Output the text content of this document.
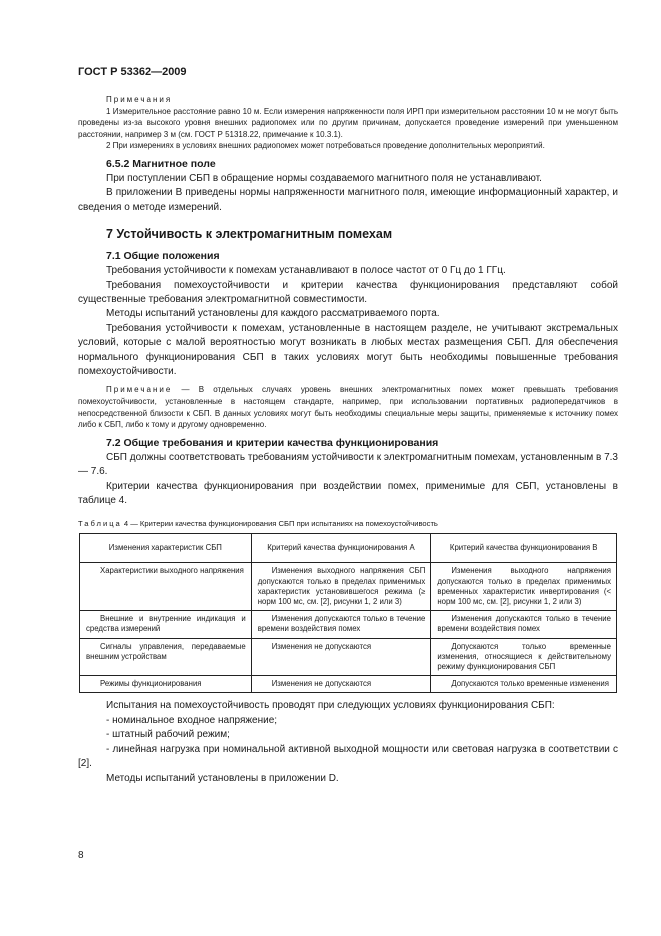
ГОСТ Р 53362—2009
Примечания

1 Измерительное расстояние равно 10 м. Если измерения напряженности поля ИРП при измерительном расстоянии 10 м не могут быть проведены из-за высокого уровня внешних радиопомех или по другим причинам, допускается проведение измерений при уменьшенном расстоянии, например 3 м (см. ГОСТ Р 51318.22, примечание к 10.3.1).

2 При измерениях в условиях внешних радиопомех может потребоваться проведение дополнительных мероприятий.

6.5.2 Магнитное поле

При поступлении СБП в обращение нормы создаваемого магнитного поля не устанавливают.

В приложении В приведены нормы напряженности магнитного поля, имеющие информационный характер, и сведения о методе измерений.

7 Устойчивость к электромагнитным помехам

7.1 Общие положения

Требования устойчивости к помехам устанавливают в полосе частот от 0 Гц до 1 ГГц.

Требования помехоустойчивости и критерии качества функционирования представляют собой существенные требования электромагнитной совместимости.

Методы испытаний установлены для каждого рассматриваемого порта.

Требования устойчивости к помехам, установленные в настоящем разделе, не учитывают экстремальных условий, которые с малой вероятностью могут возникать в любых местах размещения СБП. Для обеспечения нормального функционирования СБП в таких условиях могут быть необходимы повышенные требования помехоустойчивости.

Примечание — В отдельных случаях уровень внешних электромагнитных помех может превышать требования помехоустойчивости, установленные в настоящем стандарте, например, при использовании портативных радиопередатчиков в непосредственной близости к СБП. В данных условиях могут быть необходимы специальные меры защиты, применяемые к источнику помех либо к СБП, либо к тому и другому одновременно.

7.2 Общие требования и критерии качества функционирования

СБП должны соответствовать требованиям устойчивости к электромагнитным помехам, установленным в 7.3 — 7.6.

Критерии качества функционирования при воздействии помех, применимые для СБП, установлены в таблице 4.

Таблица 4 — Критерии качества функционирования СБП при испытаниях на помехоустойчивость

Изменения характеристик СБП	Критерий качества функционирования А	Критерий качества функционирования В

Характеристики выходного напряжения	Изменения выходного напряжения СБП допускаются только в пределах применимых характеристик установившегося режима (≥ норм 100 мс, см. [2], рисунки 1, 2 или 3)	Изменения выходного напряжения допускаются только в пределах применимых временных характеристик инвертирования (< норм 100 мс, см. [2], рисунки 1, 2 или 3)

Внешние и внутренние индикация и средства измерений	Изменения допускаются только в течение времени воздействия помех	Изменения допускаются только в течение времени воздействия помех

Сигналы управления, передаваемые внешним устройствам	Изменения не допускаются	Допускаются только временные изменения, относящиеся к действительному режиму функционирования СБП

Режимы функционирования	Изменения не допускаются	Допускаются только временные изменения

Испытания на помехоустойчивость проводят при следующих условиях функционирования СБП:

- номинальное входное напряжение;

- штатный рабочий режим;

- линейная нагрузка при номинальной активной выходной мощности или световая нагрузка в соответствии с [2].

Методы испытаний установлены в приложении D.

8
